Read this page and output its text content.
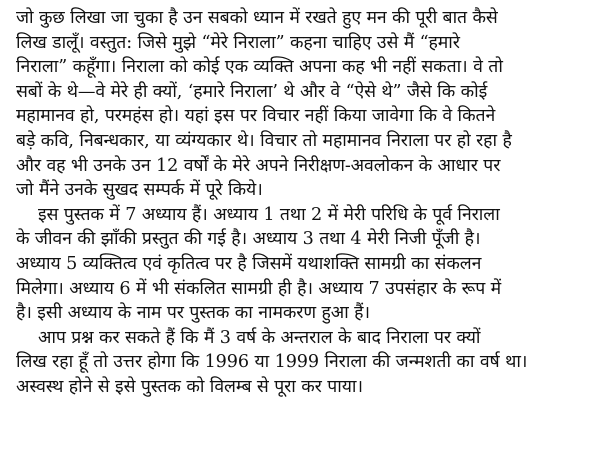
जो कुछ लिखा जा चुका है उन सबको ध्यान में रखते हुए मन की पूरी बात कैसे
लिख डालूँ। वस्तुत: जिसे मुझे “मेरे निराला” कहना चाहिए उसे मैं “हमारे
निराला” कहूँगा। निराला को कोई एक व्यक्ति अपना कह भी नहीं सकता। वे तो
सबों के थे—वे मेरे ही क्यों, ‘हमारे निराला’ थे और वे “ऐसे थे” जैसे कि कोई
महामानव हो, परमहंस हो। यहां इस पर विचार नहीं किया जावेगा कि वे कितने
बड़े कवि, निबन्धकार, या व्यंग्यकार थे। विचार तो महामानव निराला पर हो रहा है
और वह भी उनके उन 12 वर्षों के मेरे अपने निरीक्षण-अवलोकन के आधार पर
जो मैंने उनके सुखद सम्पर्क में पूरे किये।
इस पुस्तक में 7 अध्याय हैं। अध्याय 1 तथा 2 में मेरी परिधि के पूर्व निराला
के जीवन की झाँकी प्रस्तुत की गई है। अध्याय 3 तथा 4 मेरी निजी पूँजी है।
अध्याय 5 व्यक्तित्व एवं कृतित्व पर है जिसमें यथाशक्ति सामग्री का संकलन
मिलेगा। अध्याय 6 में भी संकलित सामग्री ही है। अध्याय 7 उपसंहार के रूप में
है। इसी अध्याय के नाम पर पुस्तक का नामकरण हुआ हैं।
आप प्रश्न कर सकते हैं कि मैं 3 वर्ष के अन्तराल के बाद निराला पर क्यों
लिख रहा हूँ तो उत्तर होगा कि 1996 या 1999 निराला की जन्मशती का वर्ष था।
अस्वस्थ होने से इसे पुस्तक को विलम्ब से पूरा कर पाया।
